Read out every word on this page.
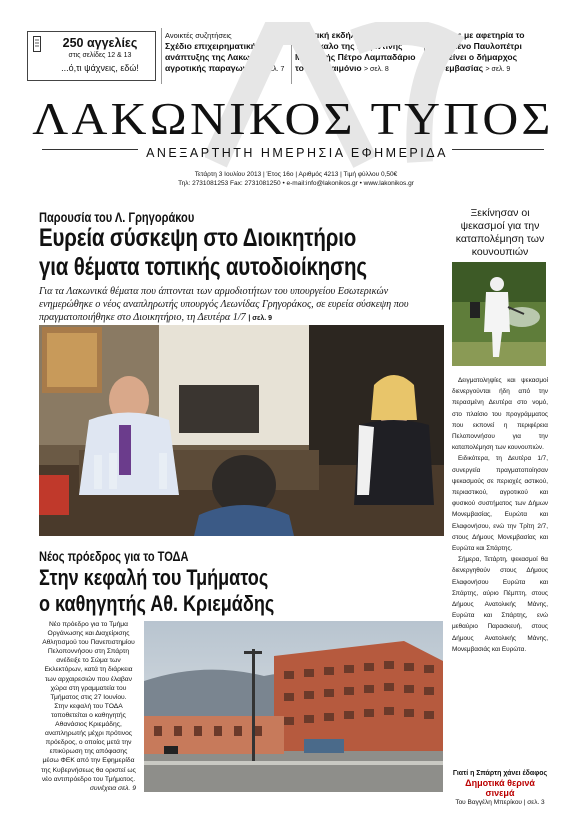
250 αγγελίες
στις σελίδες 12 & 13
...ό,τι ψάχνεις, εδώ!
Ανοικτές συζητήσεις
Σχέδιο επιχειρηματικής ανάπτυξης της Λακωνικής αγροτικής παραγωγής > σελ. 7
Τιμητική εκδήλωση για το διδάσκαλο της Βυζαντινής Μουσικής Πέτρο Λαμπαδάριο το Λακεδαιμόνιο > σελ. 8
Δράσεις με αφετηρία το Βυθισμένο Παυλοπέτρι προτείνει ο δήμαρχος Μονεμβασίας > σελ. 9
ΛΑΚΩΝΙΚΟΣ ΤΥΠΟΣ
ΑΝΕΞΑΡΤΗΤΗ ΗΜΕΡΗΣΙΑ ΕΦΗΜΕΡΙΔΑ
Τετάρτη 3 Ιουλίου 2013 | Έτος 16ο | Αριθμός 4213 | Τιμή φύλλου 0,50€
Τηλ: 2731081253 Fax: 2731081250 • e-mail:info@lakonikos.gr • www.lakonikos.gr
Παρουσία του Λ. Γρηγοράκου
Ευρεία σύσκεψη στο Διοικητήριο
για θέματα τοπικής αυτοδιοίκησης
Για τα Λακωνικά θέματα που άπτονται των αρμοδιοτήτων του υπουργείου Εσωτερικών ενημερώθηκε ο νέος αναπληρωτής υπουργός Λεωνίδας Γρηγοράκος, σε ευρεία σύσκεψη που πραγματοποιήθηκε στο Διοικητήριο, τη Δευτέρα 1/7 | σελ. 9
Νέος πρόεδρος για το ΤΟΔΑ
Στην κεφαλή του Τμήματος
ο καθηγητής Αθ. Κριεμάδης

Νέο πρόεδρο για το Τμήμα Οργάνωσης και Διαχείρισης Αθλητισμού του Πανεπιστημίου Πελοποννήσου στη Σπάρτη ανέδειξε το Σώμα των Εκλεκτόρων, κατά τη διάρκεια των αρχαιρεσιών που έλαβαν χώρα στη γραμματεία του Τμήματος στις 27 Ιουνίου.

Στην κεφαλή του ΤΟΔΑ τοποθετείται ο καθηγητής Αθανάσιος Κριεμάδης, αναπληρωτής μέχρι πρότινος πρόεδρος, ο οποίος μετά την επικύρωση της απόφασης μέσω ΦΕΚ από την Εφημερίδα της Κυβερνήσεως θα οριστεί ως νέο αντιπρόεδρο του Τμήματος.

συνέχεια σελ. 9
Ξεκίνησαν οι ψεκασμοί για την καταπολέμηση των κουνουπιών

Δειγματοληψίες και ψεκασμοί διενεργούνται ήδη από την περασμένη Δευτέρα στο νομό, στο πλαίσιο του προγράμματος που εκπονεί η περιφέρεια Πελοποννήσου για την καταπολέμηση των κουνουπιών.

Ειδικότερα, τη Δευτέρα 1/7, συνεργεία πραγματοποίησαν ψεκασμούς σε περιοχές αστικού, περιαστικού, αγροτικού και φυσικού συστήματος των Δήμων Μονεμβασίας, Ευρώτα και Ελαφονήσου, ενώ την Τρίτη 2/7, στους Δήμους Μονεμβασίας και Ευρώτα και Σπάρτης.

Σήμερα, Τετάρτη, ψεκασμοί θα διενεργηθούν στους Δήμους Ελαφονήσου Ευρώτα και Σπάρτης, αύριο Πέμπτη, στους Δήμους Ανατολικής Μάνης, Ευρώτα και Σπάρτης, ενώ μεθαύριο Παρασκευή, στους Δήμους Ανατολικής Μάνης, Μονεμβασιάς και Ευρώτα.

Γιατί η Σπάρτη χάνει έδαφος
Δημοτικά θερινά σινεμά
Του Βαγγέλη Μπερίκου | σελ. 3
